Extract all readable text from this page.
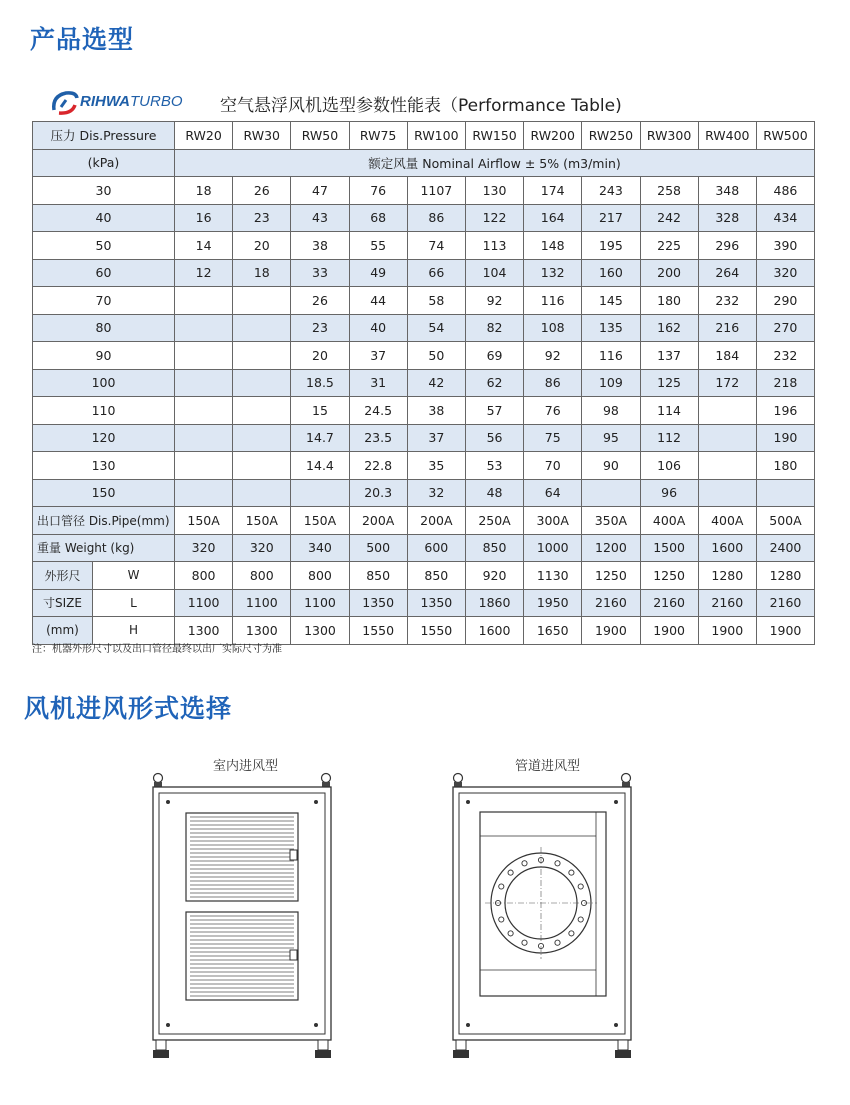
产品选型
RIHWATURBO 空气悬浮风机选型参数性能表（Performance Table)
压力 Dis.Pressure		RW20	RW30	RW50	RW75	RW100	RW150	RW200	RW250	RW300	RW400	RW500
(kPa)		额定风量 Nominal Airflow ± 5% (m3/min)										
30		18	26	47	76	1107	130	174	243	258	348	486
40		16	23	43	68	86	122	164	217	242	328	434
50		14	20	38	55	74	113	148	195	225	296	390
60		12	18	33	49	66	104	132	160	200	264	320
70				26	44	58	92	116	145	180	232	290
80				23	40	54	82	108	135	162	216	270
90				20	37	50	69	92	116	137	184	232
100				18.5	31	42	62	86	109	125	172	218
110				15	24.5	38	57	76	98	114		196
120				14.7	23.5	37	56	75	95	112		190
130				14.4	22.8	35	53	70	90	106		180
150					20.3	32	48	64		96		
出口管径 Dis.Pipe(mm)		150A	150A	150A	200A	200A	250A	300A	350A	400A	400A	500A
重量 Weight (kg)		320	320	340	500	600	850	1000	1200	1500	1600	2400
外形尺	W	800	800	800	850	850	920	1130	1250	1250	1280	1280
寸SIZE	L	1100	1100	1100	1350	1350	1860	1950	2160	2160	2160	2160
(mm)	H	1300	1300	1300	1550	1550	1600	1650	1900	1900	1900	1900
注：机器外形尺寸以及出口管径最终以出厂实际尺寸为准
风机进风形式选择
室内进风型	管道进风型
